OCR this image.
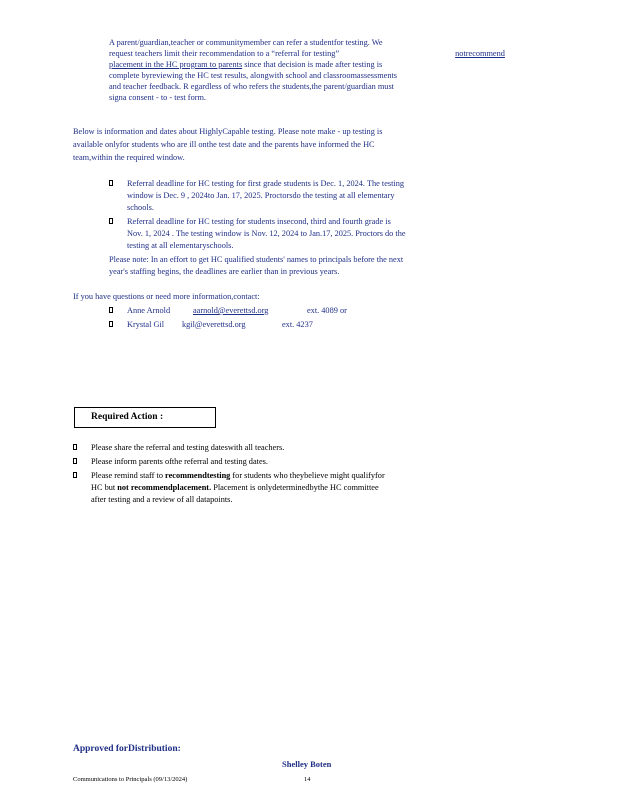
A parent/guardian,teacher or communitymember can refer a studentfor testing. We
request teachers limit their recommendation to a “referral for testing”	notrecommend
placement in the HC program to parents since that decision is made after testing is
complete byreviewing the HC test results, alongwith school and classroomassessments
and teacher feedback. R egardless of who refers the students,the parent/guardian must
signa consent - to - test form.
Below is information and dates about HighlyCapable testing. Please note make - up testing is
available onlyfor students who are ill onthe test date and the parents have informed the HC
team,within the required window.
Referral deadline for HC testing for first grade students is Dec. 1, 2024. The testing
window is Dec. 9 , 2024to Jan. 17, 2025. Proctorsdo the testing at all elementary
schools.
Referral deadline for HC testing for students insecond, third and fourth grade is
Nov. 1, 2024 . The testing window is Nov. 12, 2024 to Jan.17, 2025. Proctors do the
testing at all elementaryschools.
Please note: In an effort to get HC qualified students' names to principals before the next
year's staffing begins, the deadlines are earlier than in previous years.
If you have questions or need more information,contact:
Anne Arnold	aarnold@everettsd.org	ext. 4089 or
Krystal Gil kgil@everettsd.org	ext. 4237
Required Action :
Please share the referral and testing dateswith all teachers.
Please inform parents ofthe referral and testing dates.
Please remind staff to recommendtesting for students who theybelieve might qualifyfor
HC but not recommendplacement. Placement is onlydeterminedbythe HC committee
after testing and a review of all datapoints.
Approved forDistribution:
Shelley Boten
Communications to Principals (09/13/2024)	14
